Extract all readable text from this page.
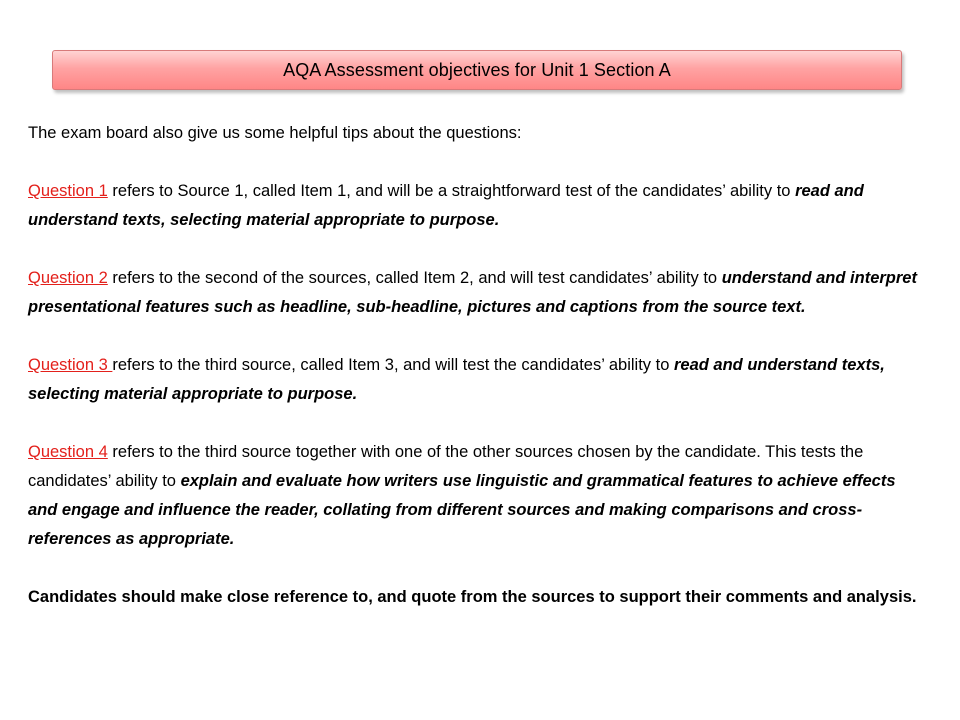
AQA Assessment objectives for Unit 1 Section A

The exam board also give us some helpful tips about the questions:

Question 1 refers to Source 1, called Item 1, and will be a straightforward test of the candidates’ ability to read and understand texts, selecting material appropriate to purpose.

Question 2 refers to the second of the sources, called Item 2, and will test candidates’ ability to understand and interpret presentational features such as headline, sub-headline, pictures and captions from the source text.

Question 3 refers to the third source, called Item 3, and will test the candidates’ ability to read and understand texts, selecting material appropriate to purpose.

Question 4 refers to the third source together with one of the other sources chosen by the candidate. This tests the candidates’ ability to explain and evaluate how writers use linguistic and grammatical features to achieve effects and engage and influence the reader, collating from different sources and making comparisons and cross-references as appropriate.

Candidates should make close reference to, and quote from the sources to support their comments and analysis.
